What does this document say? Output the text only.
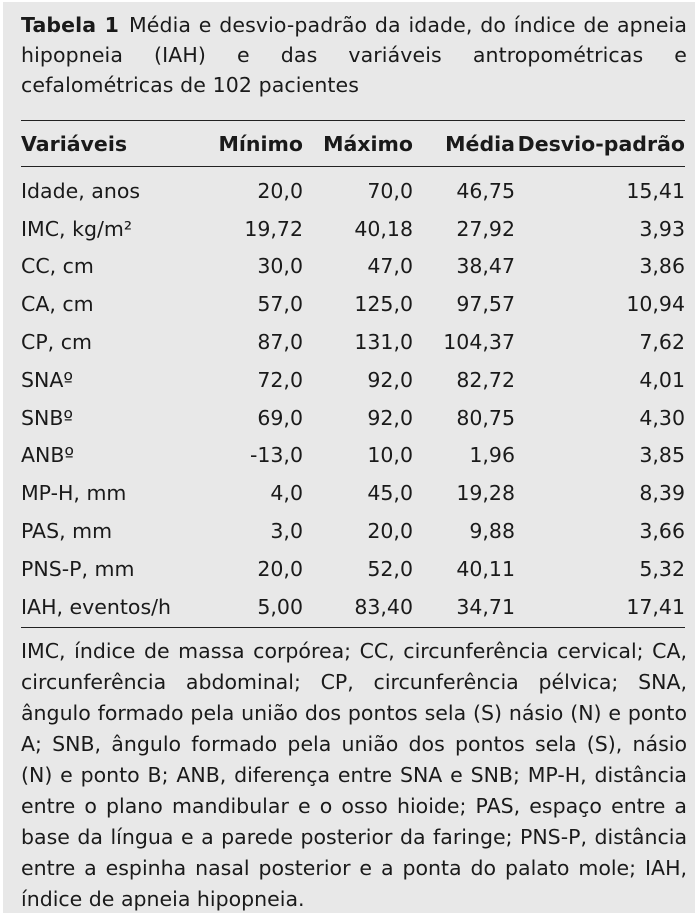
Tabela 1 Média e desvio-padrão da idade, do índice de apneia hipopneia (IAH) e das variáveis antropométricas e cefalométricas de 102 pacientes
Variáveis	Mínimo	Máximo	Média	Desvio-padrão
Idade, anos	20,0	70,0	46,75	15,41
IMC, kg/m²	19,72	40,18	27,92	3,93
CC, cm	30,0	47,0	38,47	3,86
CA, cm	57,0	125,0	97,57	10,94
CP, cm	87,0	131,0	104,37	7,62
SNAº	72,0	92,0	82,72	4,01
SNBº	69,0	92,0	80,75	4,30
ANBº	-13,0	10,0	1,96	3,85
MP-H, mm	4,0	45,0	19,28	8,39
PAS, mm	3,0	20,0	9,88	3,66
PNS-P, mm	20,0	52,0	40,11	5,32
IAH, eventos/h	5,00	83,40	34,71	17,41
IMC, índice de massa corpórea; CC, circunferência cervical; CA, circunferência abdominal; CP, circunferência pélvica; SNA, ângulo formado pela união dos pontos sela (S) násio (N) e ponto A; SNB, ângulo formado pela união dos pontos sela (S), násio (N) e ponto B; ANB, diferença entre SNA e SNB; MP-H, distância entre o plano mandibular e o osso hioide; PAS, espaço entre a base da língua e a parede posterior da faringe; PNS-P, distância entre a espinha nasal posterior e a ponta do palato mole; IAH, índice de apneia hipopneia.
